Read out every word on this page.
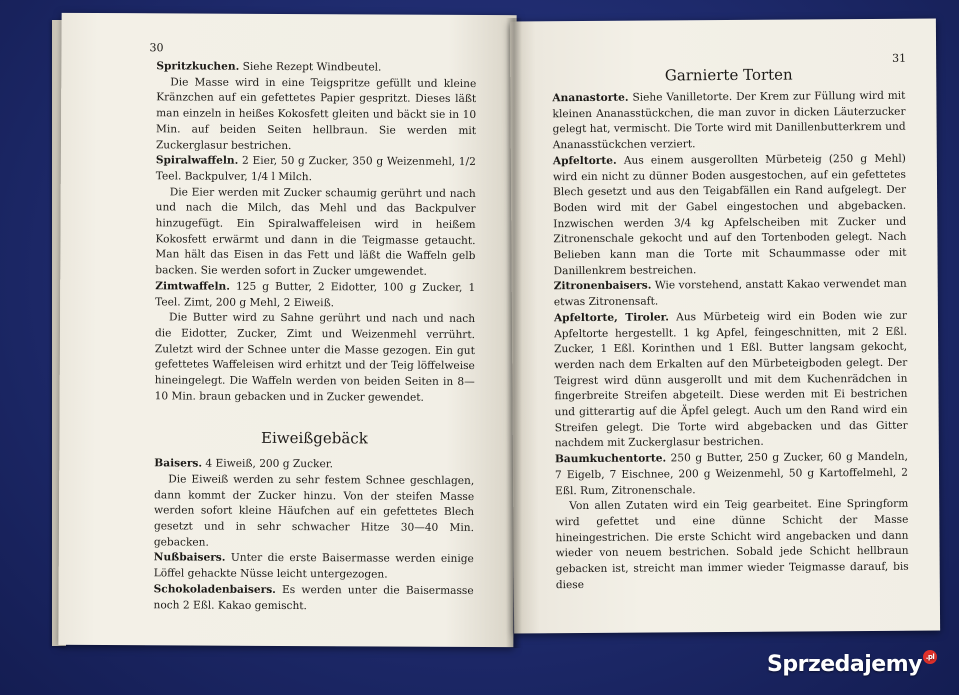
30

Spritzkuchen. Siehe Rezept Windbeutel.

Die Masse wird in eine Teigspritze gefüllt und kleine Kränzchen auf ein gefettetes Papier gespritzt. Dieses läßt man einzeln in heißes Kokosfett gleiten und bäckt sie in 10 Min. auf beiden Seiten hellbraun. Sie werden mit Zuckerglasur bestrichen.

Spiralwaffeln. 2 Eier, 50 g Zucker, 350 g Weizenmehl, 1/2 Teel. Backpulver, 1/4 l Milch.

Die Eier werden mit Zucker schaumig gerührt und nach und nach die Milch, das Mehl und das Backpulver hinzugefügt. Ein Spiralwaffeleisen wird in heißem Kokosfett erwärmt und dann in die Teigmasse getaucht. Man hält das Eisen in das Fett und läßt die Waffeln gelb backen. Sie werden sofort in Zucker umgewendet.

Zimtwaffeln. 125 g Butter, 2 Eidotter, 100 g Zucker, 1 Teel. Zimt, 200 g Mehl, 2 Eiweiß.

Die Butter wird zu Sahne gerührt und nach und nach die Eidotter, Zucker, Zimt und Weizenmehl verrührt. Zuletzt wird der Schnee unter die Masse gezogen. Ein gut gefettetes Waffeleisen wird erhitzt und der Teig löffelweise hineingelegt. Die Waffeln werden von beiden Seiten in 8—10 Min. braun gebacken und in Zucker gewendet.

Eiweißgebäck

Baisers. 4 Eiweiß, 200 g Zucker.

Die Eiweiß werden zu sehr festem Schnee geschlagen, dann kommt der Zucker hinzu. Von der steifen Masse werden sofort kleine Häufchen auf ein gefettetes Blech gesetzt und in sehr schwacher Hitze 30—40 Min. gebacken.

Nußbaisers. Unter die erste Baisermasse werden einige Löffel gehackte Nüsse leicht untergezogen.

Schokoladenbaisers. Es werden unter die Baisermasse noch 2 Eßl. Kakao gemischt.

31
Garnierte Torten

Ananastorte. Siehe Vanilletorte. Der Krem zur Füllung wird mit kleinen Ananasstückchen, die man zuvor in dicken Läuterzucker gelegt hat, vermischt. Die Torte wird mit Danillenbutterkrem und Ananasstückchen verziert.

Apfeltorte. Aus einem ausgerollten Mürbeteig (250 g Mehl) wird ein nicht zu dünner Boden ausgestochen, auf ein gefettetes Blech gesetzt und aus den Teigabfällen ein Rand aufgelegt. Der Boden wird mit der Gabel eingestochen und abgebacken. Inzwischen werden 3/4 kg Apfelscheiben mit Zucker und Zitronenschale gekocht und auf den Tortenboden gelegt. Nach Belieben kann man die Torte mit Schaummasse oder mit Danillenkrem bestreichen.

Zitronenbaisers. Wie vorstehend, anstatt Kakao verwendet man etwas Zitronensaft.

Apfeltorte, Tiroler. Aus Mürbeteig wird ein Boden wie zur Apfeltorte hergestellt. 1 kg Apfel, feingeschnitten, mit 2 Eßl. Zucker, 1 Eßl. Korinthen und 1 Eßl. Butter langsam gekocht, werden nach dem Erkalten auf den Mürbeteigboden gelegt. Der Teigrest wird dünn ausgerollt und mit dem Kuchenrädchen in fingerbreite Streifen abgeteilt. Diese werden mit Ei bestrichen und gitterartig auf die Äpfel gelegt. Auch um den Rand wird ein Streifen gelegt. Die Torte wird abgebacken und das Gitter nachdem mit Zuckerglasur bestrichen.

Baumkuchentorte. 250 g Butter, 250 g Zucker, 60 g Mandeln, 7 Eigelb, 7 Eischnee, 200 g Weizenmehl, 50 g Kartoffelmehl, 2 Eßl. Rum, Zitronenschale.

Von allen Zutaten wird ein Teig gearbeitet. Eine Springform wird gefettet und eine dünne Schicht der Masse hineingestrichen. Die erste Schicht wird angebacken und dann wieder von neuem bestrichen. Sobald jede Schicht hellbraun gebacken ist, streicht man immer wieder Teigmasse darauf, bis diese

Sprzedajemy .pl
